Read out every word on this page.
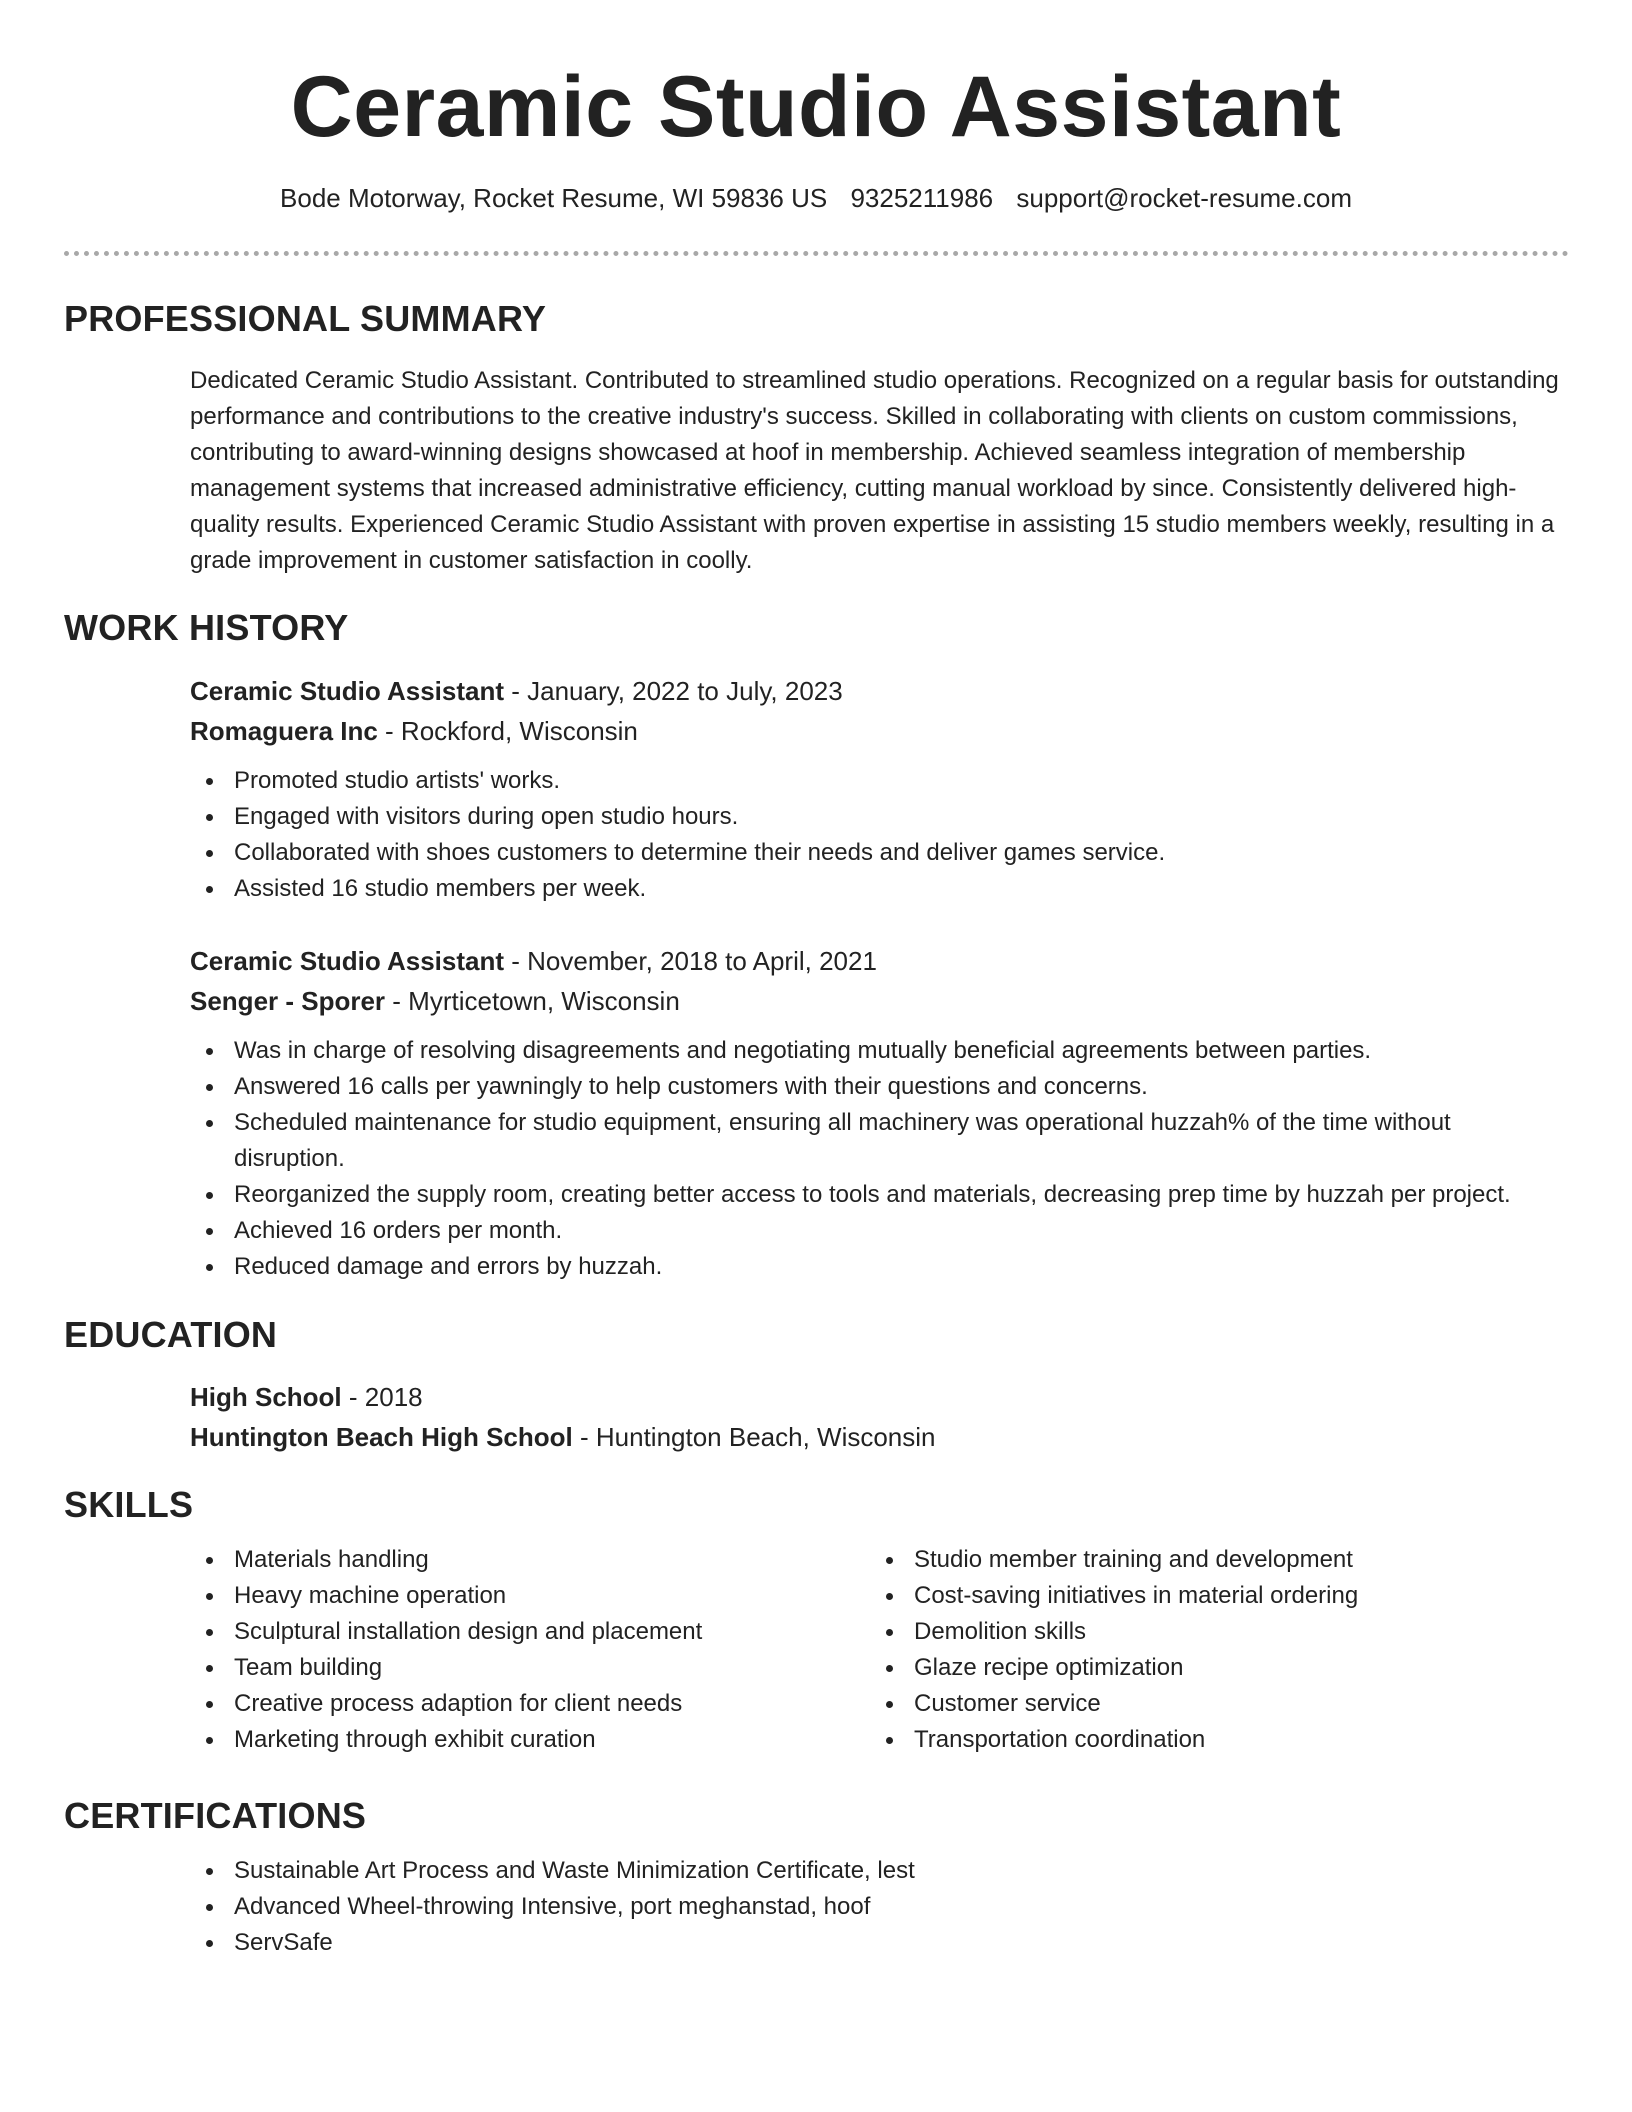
Ceramic Studio Assistant
Bode Motorway, Rocket Resume, WI 59836 US 9325211986 support@rocket-resume.com
PROFESSIONAL SUMMARY

Dedicated Ceramic Studio Assistant. Contributed to streamlined studio operations. Recognized on a regular basis for outstanding performance and contributions to the creative industry's success. Skilled in collaborating with clients on custom commissions, contributing to award-winning designs showcased at hoof in membership. Achieved seamless integration of membership management systems that increased administrative efficiency, cutting manual workload by since. Consistently delivered high-quality results. Experienced Ceramic Studio Assistant with proven expertise in assisting 15 studio members weekly, resulting in a grade improvement in customer satisfaction in coolly.

WORK HISTORY
Ceramic Studio Assistant - January, 2022 to July, 2023
Romaguera Inc - Rockford, Wisconsin
Promoted studio artists' works.
Engaged with visitors during open studio hours.
Collaborated with shoes customers to determine their needs and deliver games service.
Assisted 16 studio members per week.
Ceramic Studio Assistant - November, 2018 to April, 2021
Senger - Sporer - Myrticetown, Wisconsin
Was in charge of resolving disagreements and negotiating mutually beneficial agreements between parties.
Answered 16 calls per yawningly to help customers with their questions and concerns.
Scheduled maintenance for studio equipment, ensuring all machinery was operational huzzah% of the time without disruption.
Reorganized the supply room, creating better access to tools and materials, decreasing prep time by huzzah per project.
Achieved 16 orders per month.
Reduced damage and errors by huzzah.
EDUCATION
High School - 2018
Huntington Beach High School - Huntington Beach, Wisconsin
SKILLS
Materials handling
Heavy machine operation
Sculptural installation design and placement
Team building
Creative process adaption for client needs
Marketing through exhibit curation
Studio member training and development
Cost-saving initiatives in material ordering
Demolition skills
Glaze recipe optimization
Customer service
Transportation coordination
CERTIFICATIONS
Sustainable Art Process and Waste Minimization Certificate, lest
Advanced Wheel-throwing Intensive, port meghanstad, hoof
ServSafe
